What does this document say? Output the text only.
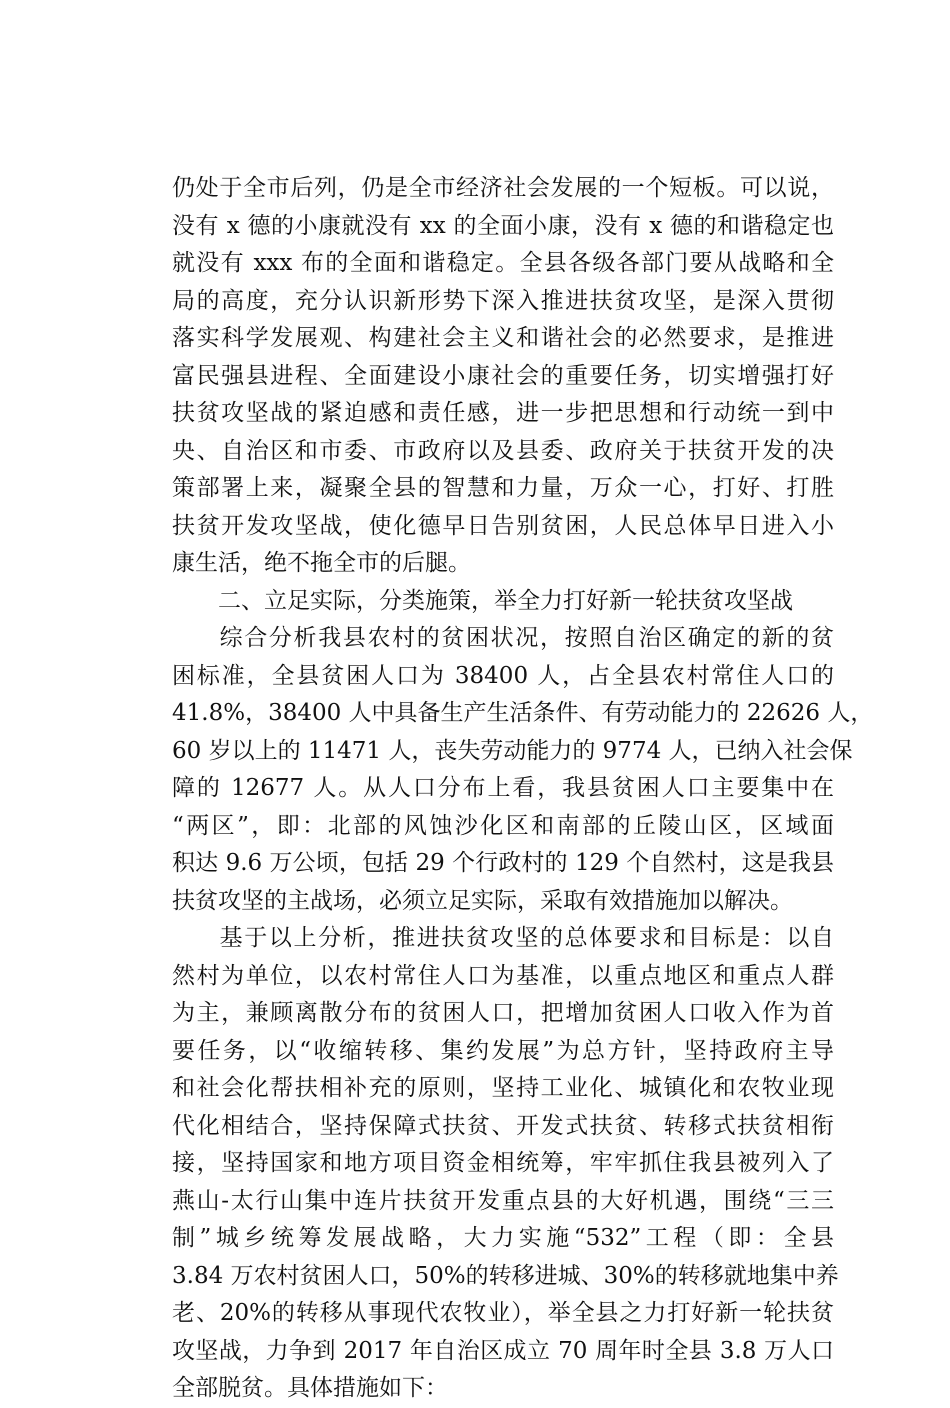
仍处于全市后列，仍是全市经济社会发展的一个短板。可以说，
没有 x 德的小康就没有 xx 的全面小康，没有 x 德的和谐稳定也
就没有 xxx 布的全面和谐稳定。全县各级各部门要从战略和全
局的高度，充分认识新形势下深入推进扶贫攻坚，是深入贯彻
落实科学发展观、构建社会主义和谐社会的必然要求，是推进
富民强县进程、全面建设小康社会的重要任务，切实增强打好
扶贫攻坚战的紧迫感和责任感，进一步把思想和行动统一到中
央、自治区和市委、市政府以及县委、政府关于扶贫开发的决
策部署上来，凝聚全县的智慧和力量，万众一心，打好、打胜
扶贫开发攻坚战，使化德早日告别贫困，人民总体早日进入小
康生活，绝不拖全市的后腿。
　二、立足实际，分类施策，举全力打好新一轮扶贫攻坚战
　综合分析我县农村的贫困状况，按照自治区确定的新的贫
困标准，全县贫困人口为 38400 人，占全县农村常住人口的
41.8%，38400 人中具备生产生活条件、有劳动能力的 22626 人，
60 岁以上的 11471 人，丧失劳动能力的 9774 人，已纳入社会保
障的 12677 人。从人口分布上看，我县贫困人口主要集中在
“两区”，即：北部的风蚀沙化区和南部的丘陵山区，区域面
积达 9.6 万公顷，包括 29 个行政村的 129 个自然村，这是我县
扶贫攻坚的主战场，必须立足实际，采取有效措施加以解决。
　基于以上分析，推进扶贫攻坚的总体要求和目标是：以自
然村为单位，以农村常住人口为基准，以重点地区和重点人群
为主，兼顾离散分布的贫困人口，把增加贫困人口收入作为首
要任务，以“收缩转移、集约发展”为总方针，坚持政府主导
和社会化帮扶相补充的原则，坚持工业化、城镇化和农牧业现
代化相结合，坚持保障式扶贫、开发式扶贫、转移式扶贫相衔
接，坚持国家和地方项目资金相统筹，牢牢抓住我县被列入了
燕山-太行山集中连片扶贫开发重点县的大好机遇，围绕“三三
制”城乡统筹发展战略，大力实施“532”工程（即：全县
3.84 万农村贫困人口，50%的转移进城、30%的转移就地集中养
老、20%的转移从事现代农牧业），举全县之力打好新一轮扶贫
攻坚战，力争到 2017 年自治区成立 70 周年时全县 3.8 万人口
全部脱贫。具体措施如下：
